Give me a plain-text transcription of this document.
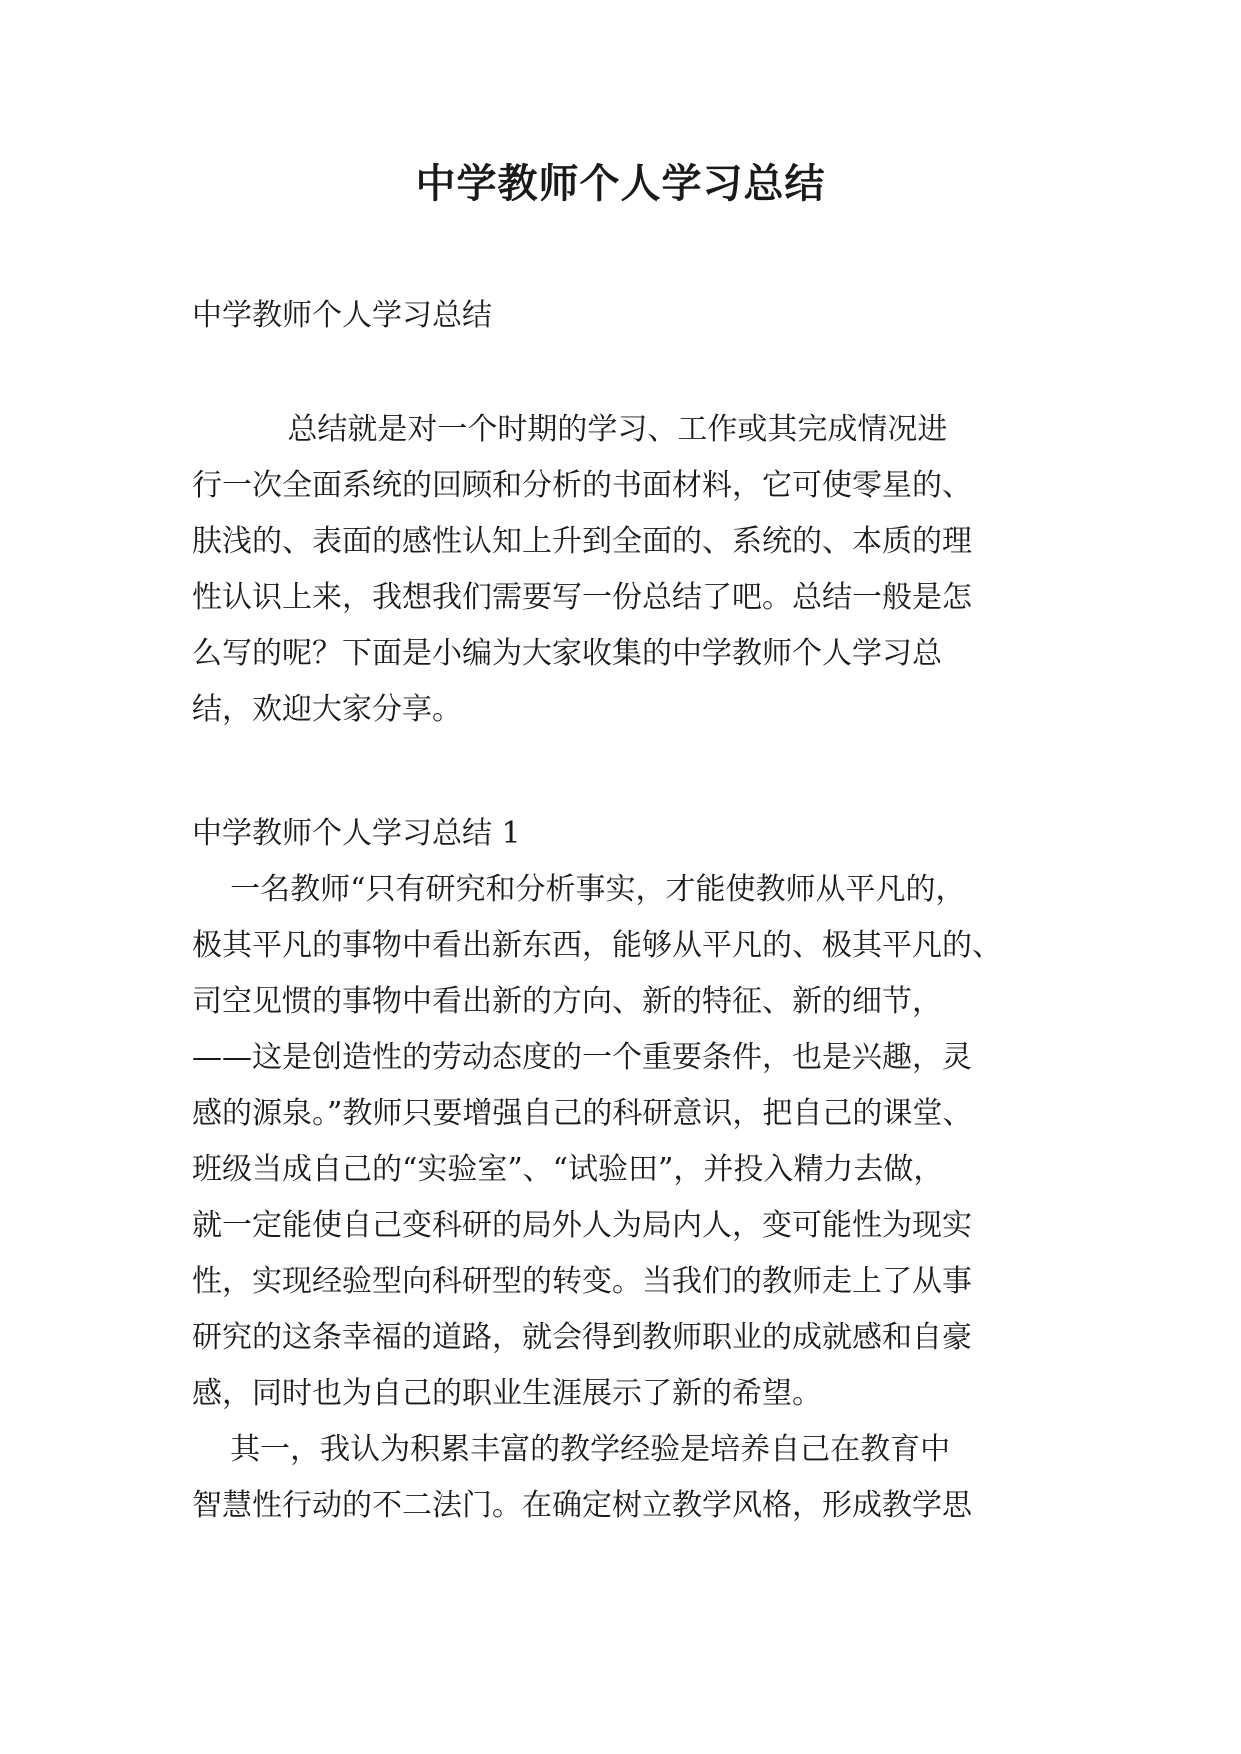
中学教师个人学习总结
中学教师个人学习总结
总结就是对一个时期的学习、工作或其完成情况进
行一次全面系统的回顾和分析的书面材料，它可使零星的、
肤浅的、表面的感性认知上升到全面的、系统的、本质的理
性认识上来，我想我们需要写一份总结了吧。总结一般是怎
么写的呢？下面是小编为大家收集的中学教师个人学习总
结，欢迎大家分享。
中学教师个人学习总结 1
一名教师“只有研究和分析事实，才能使教师从平凡的，
极其平凡的事物中看出新东西，能够从平凡的、极其平凡的、
司空见惯的事物中看出新的方向、新的特征、新的细节，
——这是创造性的劳动态度的一个重要条件，也是兴趣，灵
感的源泉。”教师只要增强自己的科研意识，把自己的课堂、
班级当成自己的“实验室”、“试验田”，并投入精力去做，
就一定能使自己变科研的局外人为局内人，变可能性为现实
性，实现经验型向科研型的转变。当我们的教师走上了从事
研究的这条幸福的道路，就会得到教师职业的成就感和自豪
感，同时也为自己的职业生涯展示了新的希望。
其一，我认为积累丰富的教学经验是培养自己在教育中
智慧性行动的不二法门。在确定树立教学风格，形成教学思
